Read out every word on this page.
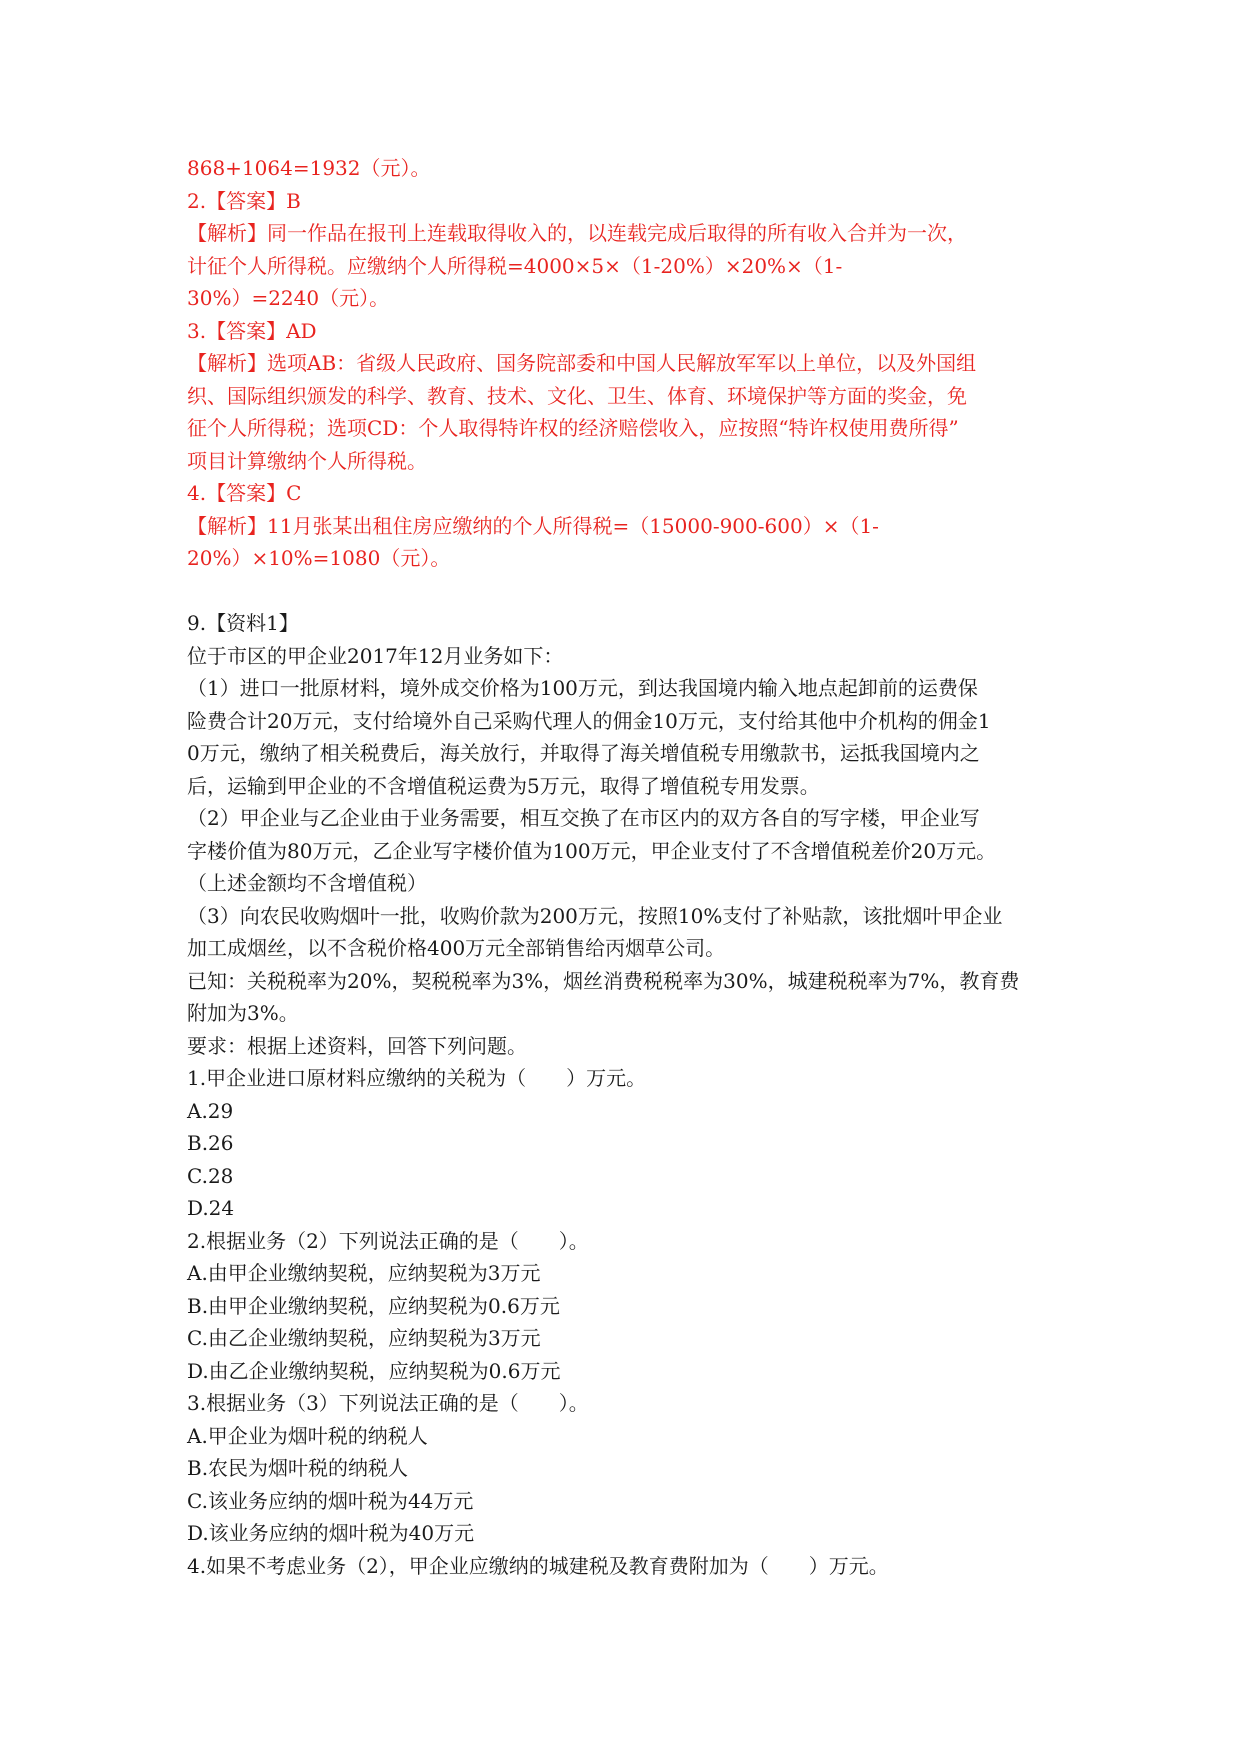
868+1064=1932（元）。
2.【答案】B
【解析】同一作品在报刊上连载取得收入的，以连载完成后取得的所有收入合并为一次，
计征个人所得税。应缴纳个人所得税=4000×5×（1-20%）×20%×（1-
30%）=2240（元）。
3.【答案】AD
【解析】选项AB：省级人民政府、国务院部委和中国人民解放军军以上单位，以及外国组
织、国际组织颁发的科学、教育、技术、文化、卫生、体育、环境保护等方面的奖金，免
征个人所得税；选项CD：个人取得特许权的经济赔偿收入，应按照“特许权使用费所得”
项目计算缴纳个人所得税。
4.【答案】C
【解析】11月张某出租住房应缴纳的个人所得税=（15000-900-600）×（1-
20%）×10%=1080（元）。
9.【资料1】
位于市区的甲企业2017年12月业务如下：
（1）进口一批原材料，境外成交价格为100万元，到达我国境内输入地点起卸前的运费保
险费合计20万元，支付给境外自己采购代理人的佣金10万元，支付给其他中介机构的佣金1
0万元，缴纳了相关税费后，海关放行，并取得了海关增值税专用缴款书，运抵我国境内之
后，运输到甲企业的不含增值税运费为5万元，取得了增值税专用发票。
（2）甲企业与乙企业由于业务需要，相互交换了在市区内的双方各自的写字楼，甲企业写
字楼价值为80万元，乙企业写字楼价值为100万元，甲企业支付了不含增值税差价20万元。
（上述金额均不含增值税）
（3）向农民收购烟叶一批，收购价款为200万元，按照10%支付了补贴款，该批烟叶甲企业
加工成烟丝，以不含税价格400万元全部销售给丙烟草公司。
已知：关税税率为20%，契税税率为3%，烟丝消费税税率为30%，城建税税率为7%，教育费
附加为3%。
要求：根据上述资料，回答下列问题。
1.甲企业进口原材料应缴纳的关税为（　　）万元。
A.29
B.26
C.28
D.24
2.根据业务（2）下列说法正确的是（　　）。
A.由甲企业缴纳契税，应纳契税为3万元
B.由甲企业缴纳契税，应纳契税为0.6万元
C.由乙企业缴纳契税，应纳契税为3万元
D.由乙企业缴纳契税，应纳契税为0.6万元
3.根据业务（3）下列说法正确的是（　　）。
A.甲企业为烟叶税的纳税人
B.农民为烟叶税的纳税人
C.该业务应纳的烟叶税为44万元
D.该业务应纳的烟叶税为40万元
4.如果不考虑业务（2），甲企业应缴纳的城建税及教育费附加为（　　）万元。
